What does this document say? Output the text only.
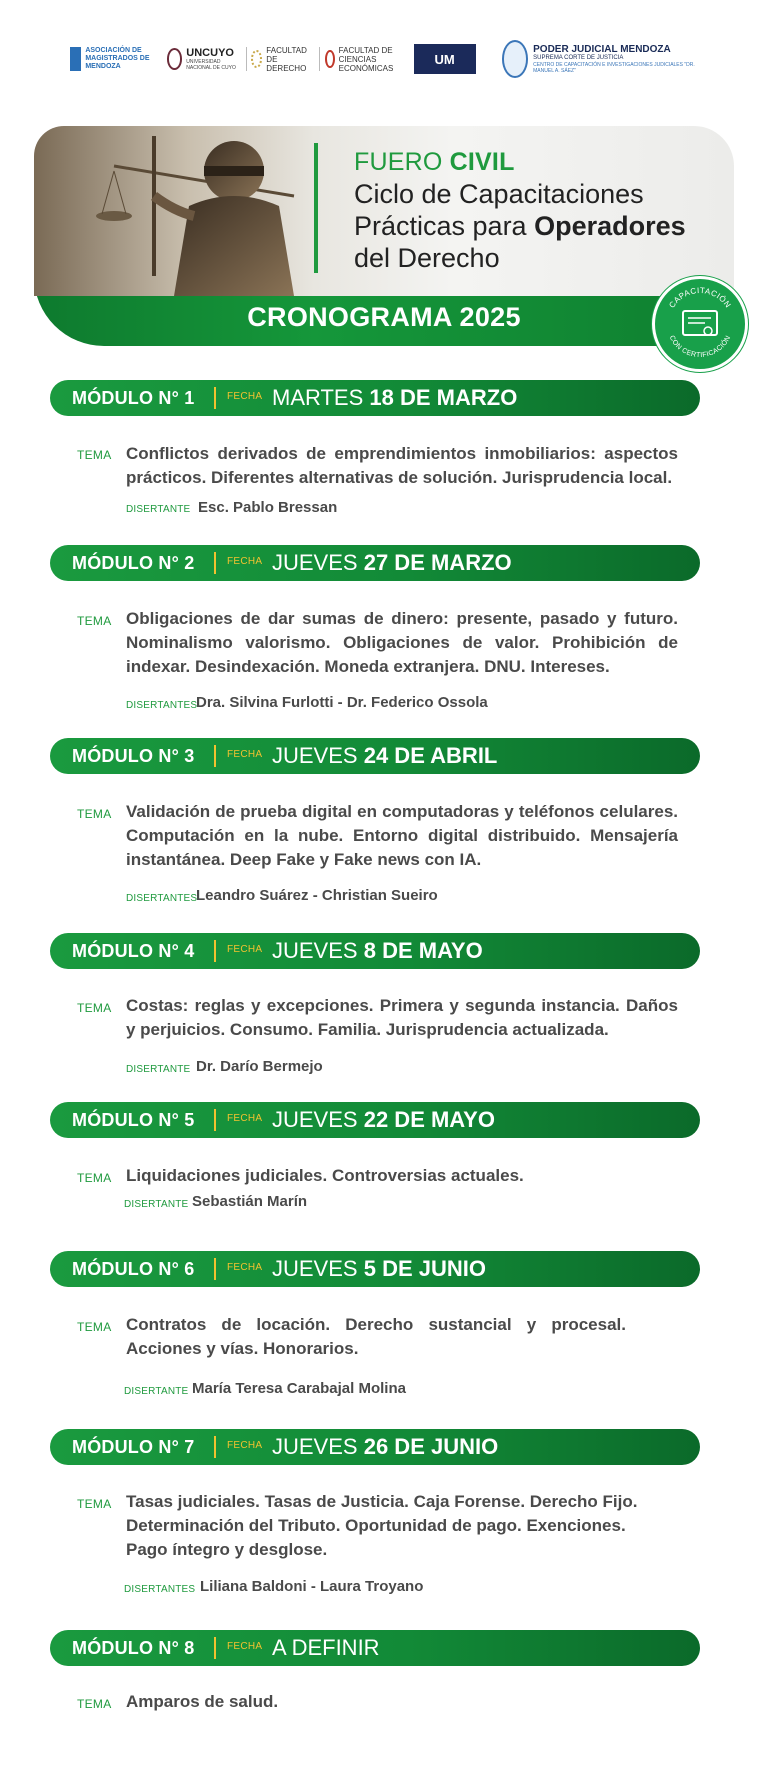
ASOCIACIÓN DE MAGISTRADOS DE MENDOZA
UNCUYO
UNIVERSIDAD NACIONAL DE CUYO
FACULTAD DE DERECHO
FACULTAD DE CIENCIAS ECONÓMICAS
UM
PODER JUDICIAL MENDOZA
SUPREMA CORTE DE JUSTICIA
CENTRO DE CAPACITACIÓN E INVESTIGACIONES JUDICIALES "DR. MANUEL A. SÁEZ"
FUERO CIVIL
Ciclo de Capacitaciones
Prácticas para Operadores
del Derecho
CRONOGRAMA 2025	CAPACITACIÓN
CON CERTIFICACIÓN
MÓDULO N° 1	FECHA MARTES 18 DE MARZO
TEMA Conflictos derivados de emprendimientos inmobiliarios: aspectos prácticos. Diferentes alternativas de solución. Jurisprudencia local.
DISERTANTE Esc. Pablo Bressan
MÓDULO N° 2	FECHA JUEVES 27 DE MARZO
TEMA Obligaciones de dar sumas de dinero: presente, pasado y futuro. Nominalismo valorismo. Obligaciones de valor. Prohibición de indexar. Desindexación. Moneda extranjera. DNU. Intereses.
DISERTANTES
Dra. Silvina Furlotti - Dr. Federico Ossola
MÓDULO N° 3	FECHA JUEVES 24 DE ABRIL
TEMA Validación de prueba digital en computadoras y teléfonos celulares. Computación en la nube. Entorno digital distribuido. Mensajería instantánea. Deep Fake y Fake news con IA.
DISERTANTES
Leandro Suárez - Christian Sueiro
MÓDULO N° 4	FECHA JUEVES 8 DE MAYO
TEMA Costas: reglas y excepciones. Primera y segunda instancia. Daños y perjuicios. Consumo. Familia. Jurisprudencia actualizada.
DISERTANTE Dr. Darío Bermejo
MÓDULO N° 5	FECHA JUEVES 22 DE MAYO
TEMA Liquidaciones judiciales. Controversias actuales.
DISERTANTE Sebastián Marín
MÓDULO N° 6	FECHA JUEVES 5 DE JUNIO
TEMA Contratos de locación. Derecho sustancial y procesal. Acciones y vías. Honorarios.
DISERTANTE María Teresa Carabajal Molina
MÓDULO N° 7	FECHA JUEVES 26 DE JUNIO
TEMA Tasas judiciales. Tasas de Justicia. Caja Forense. Derecho Fijo. Determinación del Tributo. Oportunidad de pago. Exenciones. Pago íntegro y desglose.
DISERTANTES Liliana Baldoni - Laura Troyano
MÓDULO N° 8	FECHA A DEFINIR
TEMA Amparos de salud.
